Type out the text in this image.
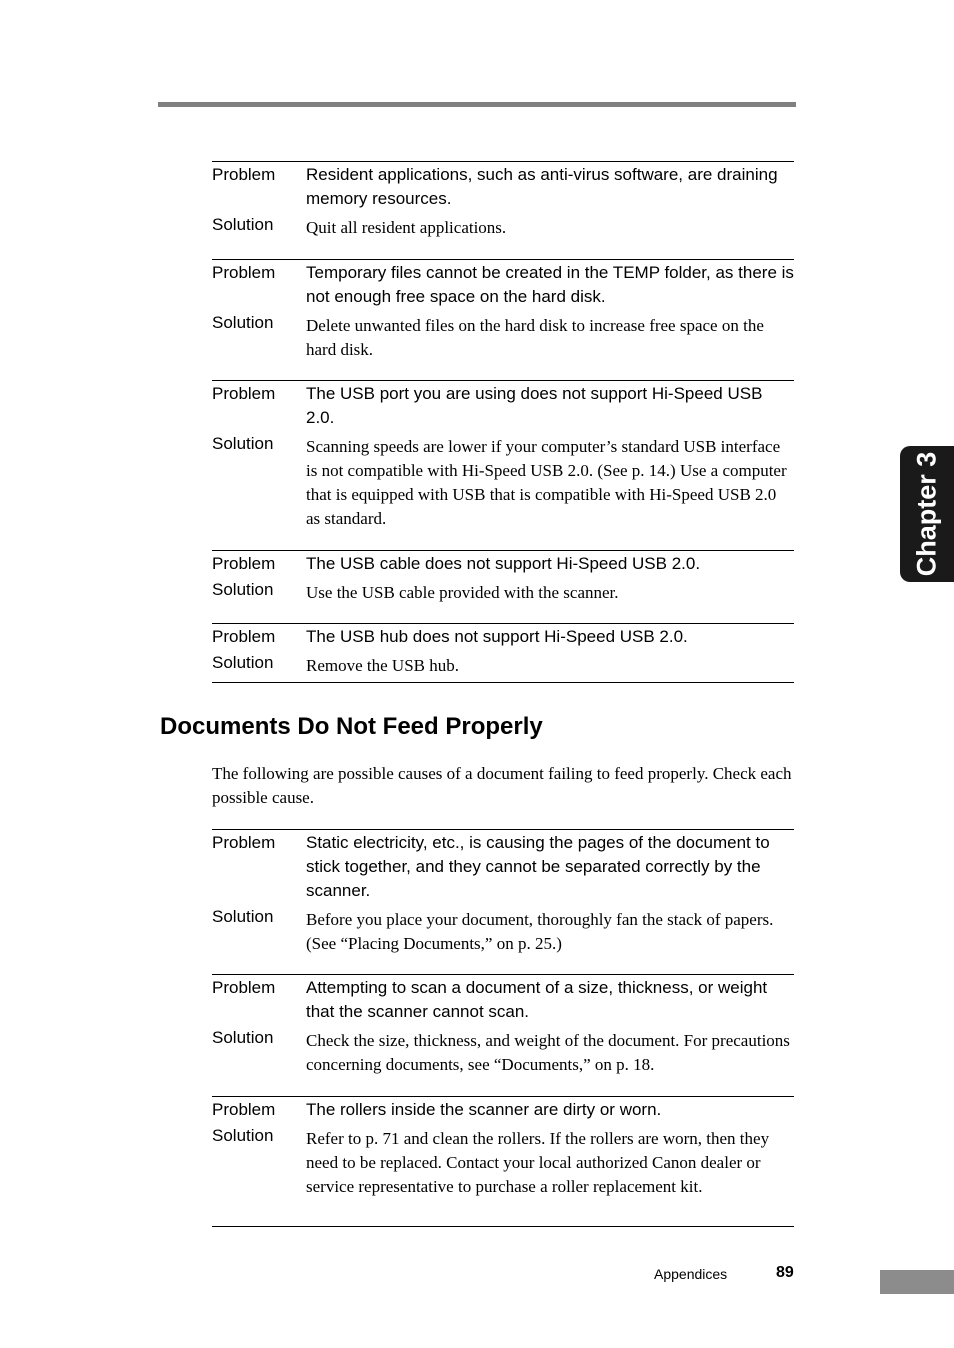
Chapter 3
Problem	Resident applications, such as anti-virus software, are draining memory resources.
Solution	Quit all resident applications.
Problem	Temporary files cannot be created in the TEMP folder, as there is not enough free space on the hard disk.
Solution	Delete unwanted files on the hard disk to increase free space on the hard disk.
Problem	The USB port you are using does not support Hi-Speed USB 2.0.
Solution	Scanning speeds are lower if your computer’s standard USB interface is not compatible with Hi-Speed USB 2.0. (See p. 14.) Use a computer that is equipped with USB that is compatible with Hi-Speed USB 2.0 as standard.
Problem	The USB cable does not support Hi-Speed USB 2.0.
Solution	Use the USB cable provided with the scanner.
Problem	The USB hub does not support Hi-Speed USB 2.0.
Solution	Remove the USB hub.
Documents Do Not Feed Properly

The following are possible causes of a document failing to feed properly. Check each possible cause.

Problem	Static electricity, etc., is causing the pages of the document to stick together, and they cannot be separated correctly by the scanner.
Solution	Before you place your document, thoroughly fan the stack of papers. (See “Placing Documents,” on p. 25.)
Problem	Attempting to scan a document of a size, thickness, or weight that the scanner cannot scan.
Solution	Check the size, thickness, and weight of the document. For precautions concerning documents, see “Documents,” on p. 18.
Problem	The rollers inside the scanner are dirty or worn.
Solution	Refer to p. 71 and clean the rollers. If the rollers are worn, then they need to be replaced. Contact your local authorized Canon dealer or service representative to purchase a roller replacement kit.
Appendices	89
